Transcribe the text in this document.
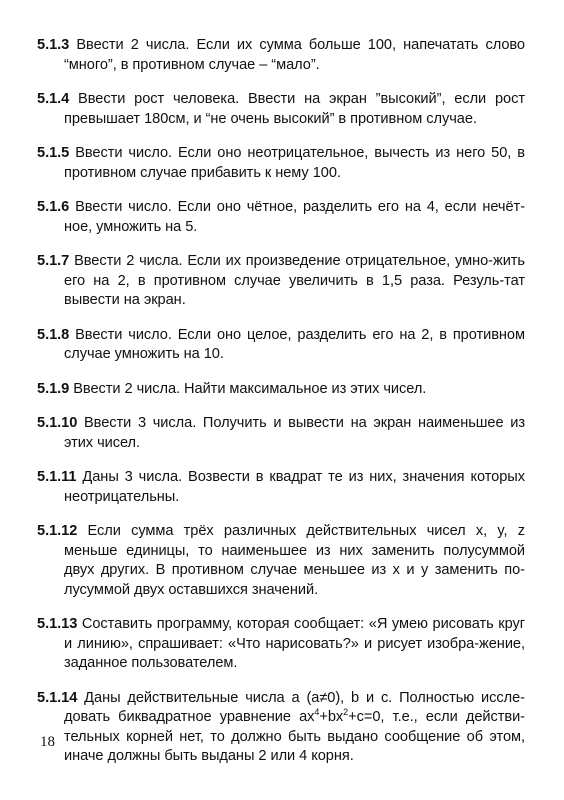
5.1.3 Ввести 2 числа. Если их сумма больше 100, напечатать слово “много”, в противном случае – “мало”.

5.1.4 Ввести рост человека. Ввести на экран ”высокий”, если рост превышает 180см, и “не очень высокий” в противном случае.

5.1.5 Ввести число. Если оно неотрицательное, вычесть из него 50, в противном случае прибавить к нему 100.

5.1.6 Ввести число. Если оно чётное, разделить его на 4, если нечёт-ное, умножить на 5.

5.1.7 Ввести 2 числа. Если их произведение отрицательное, умно-жить его на 2, в противном случае увеличить в 1,5 раза. Резуль-тат вывести на экран.

5.1.8 Ввести число. Если оно целое, разделить его на 2, в противном случае умножить на 10.

5.1.9 Ввести 2 числа. Найти максимальное из этих чисел.

5.1.10 Ввести 3 числа. Получить и вывести на экран наименьшее из этих чисел.

5.1.11 Даны 3 числа. Возвести в квадрат те из них, значения которых неотрицательны.

5.1.12 Если сумма трёх различных действительных чисел x, y, z меньше единицы, то наименьшее из них заменить полусуммой двух других. В противном случае меньшее из x и y заменить по-лусуммой двух оставшихся значений.

5.1.13 Составить программу, которая сообщает: «Я умею рисовать круг и линию», спрашивает: «Что нарисовать?» и рисует изобра-жение, заданное пользователем.

5.1.14 Даны действительные числа a (a≠0), b и c. Полностью иссле-довать биквадратное уравнение $ax^4+bx^2+c=0$, т.е., если действи-тельных корней нет, то должно быть выдано сообщение об этом, иначе должны быть выданы 2 или 4 корня.

18
